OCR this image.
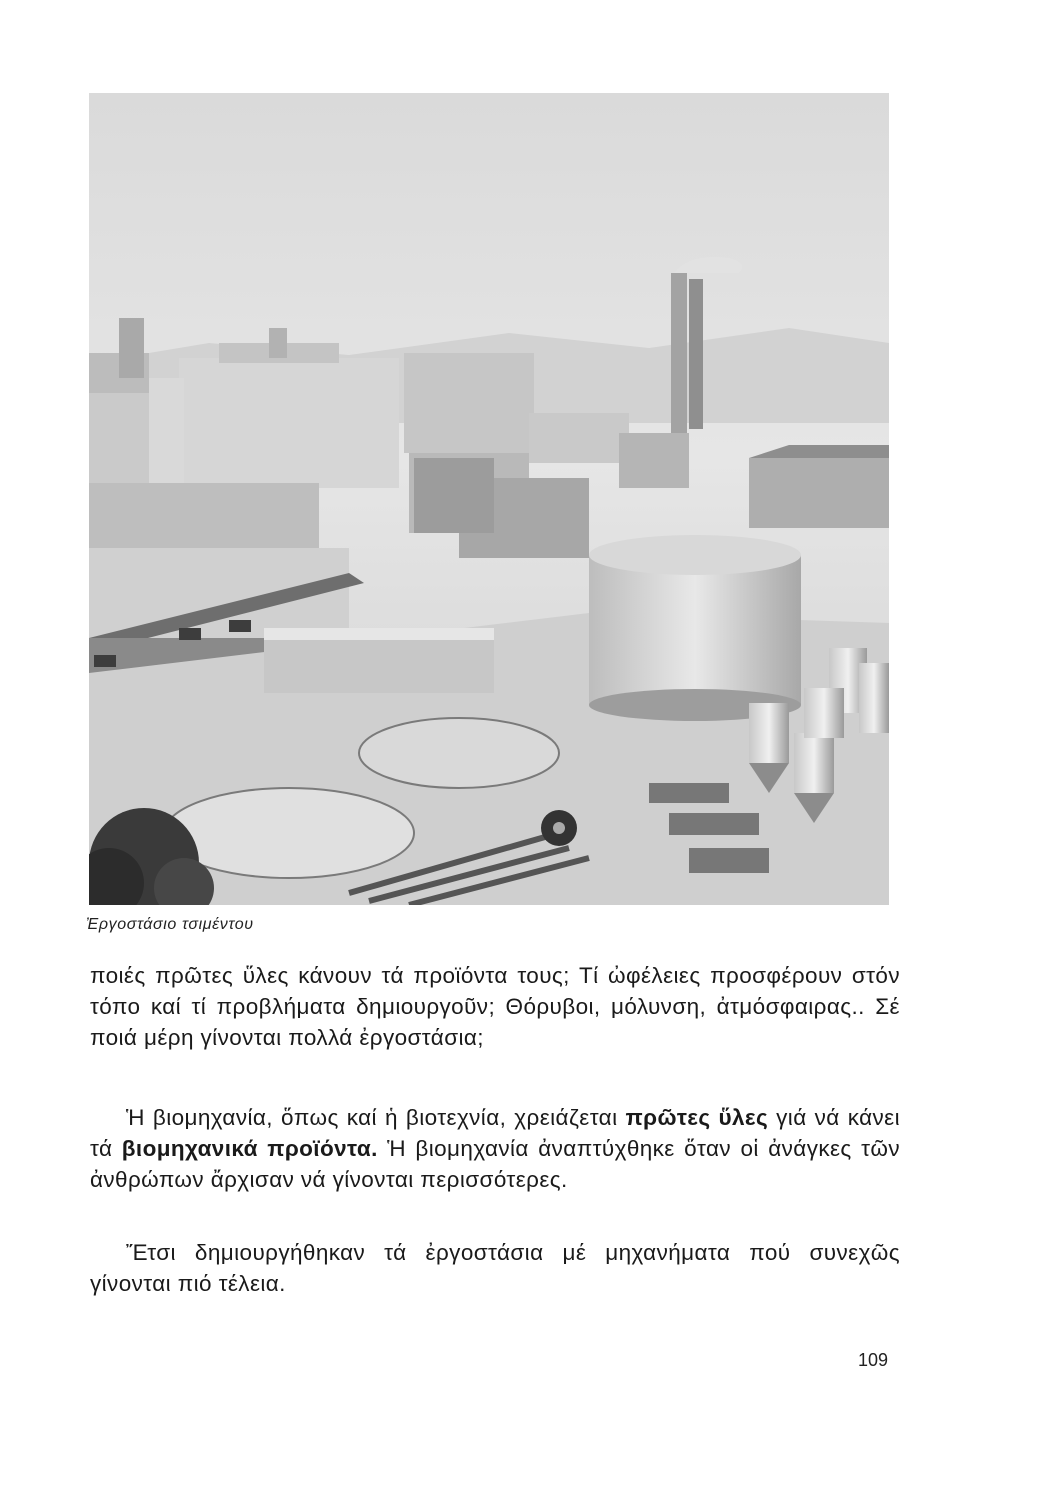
Ἐργοστάσιο τσιμέντου

ποιές πρῶτες ὕλες κάνουν τά προϊόντα τους; Τί ὠφέλειες προσφέρουν στόν τόπο καί τί προβλήματα δημιουργοῦν; Θόρυβοι, μόλυνση, ἀτμόσφαιρας.. Σέ ποιά μέρη γίνονται πολλά ἐργοστάσια;

Ἡ βιομηχανία, ὅπως καί ἡ βιοτεχνία, χρειάζεται πρῶτες ὕλες γιά νά κάνει τά βιομηχανικά προϊόντα. Ἡ βιομηχανία ἀναπτύχθηκε ὅταν οἱ ἀνάγκες τῶν ἀνθρώπων ἄρχισαν νά γίνονται περισσότερες.

Ἔτσι δημιουργήθηκαν τά ἐργοστάσια μέ μηχανήματα πού συνεχῶς γίνονται πιό τέλεια.

109
